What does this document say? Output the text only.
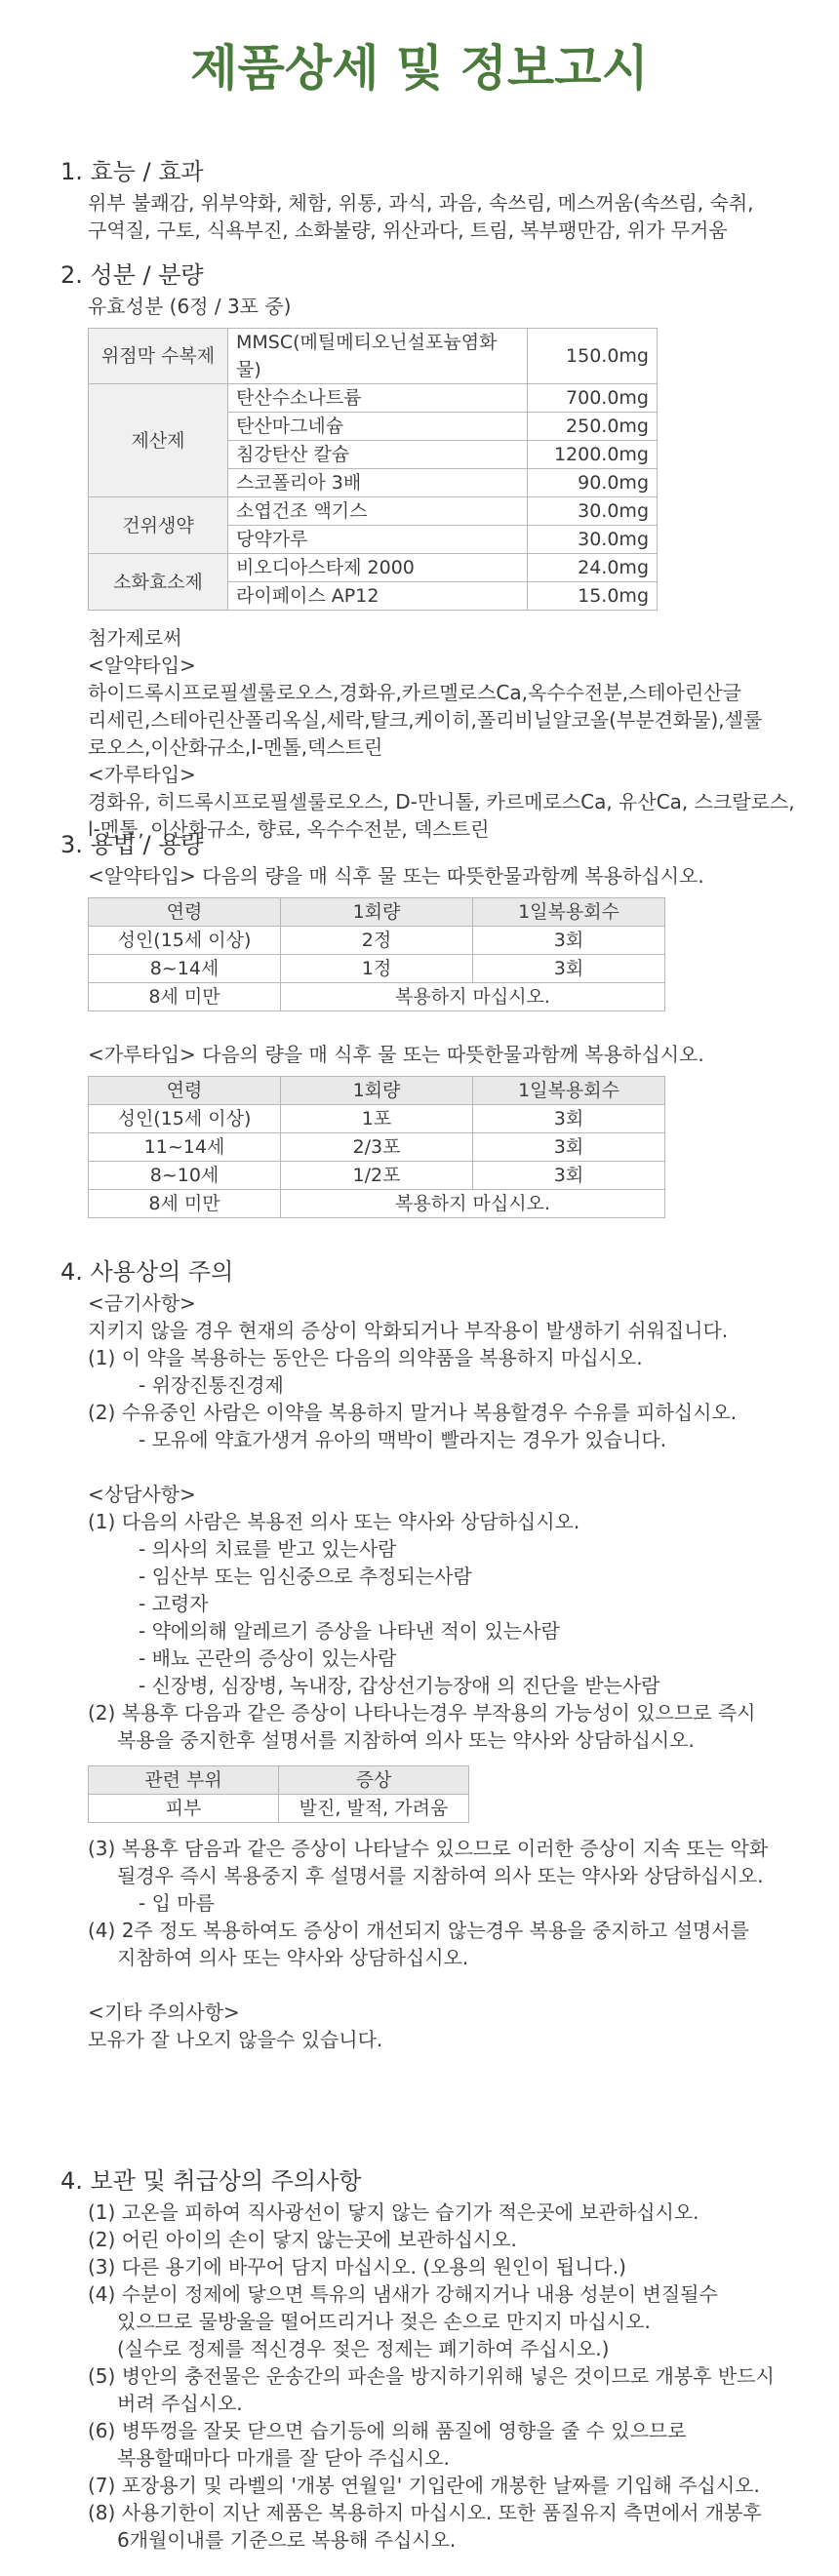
제품상세 및 정보고시

1. 효능 / 효과

위부 불쾌감, 위부약화, 체함, 위통, 과식, 과음, 속쓰림, 메스꺼움(속쓰림, 숙취,

구역질, 구토, 식욕부진, 소화불량, 위산과다, 트림, 복부팽만감, 위가 무거움

2. 성분 / 분량

유효성분 (6정 / 3포 중)

위점막 수복제	MMSC(메틸메티오닌설포늄염화물)	150.0mg
제산제	탄산수소나트륨	700.0mg
	탄산마그네슘	250.0mg
	침강탄산 칼슘	1200.0mg
	스코폴리아 3배	90.0mg
건위생약	소엽건조 액기스	30.0mg
	당약가루	30.0mg
소화효소제	비오디아스타제 2000	24.0mg
	라이페이스 AP12	15.0mg

첨가제로써

<알약타입>

하이드록시프로필셀룰로오스,경화유,카르멜로스Ca,옥수수전분,스테아린산글

리세린,스테아린산폴리옥실,세락,탈크,케이히,폴리비닐알코올(부분견화물),셀룰

로오스,이산화규소,l-멘톨,덱스트린

<가루타입>

경화유, 히드록시프로필셀룰로오스, D-만니톨, 카르메로스Ca, 유산Ca, 스크랄로스,

l-멘톨, 이산화규소, 향료, 옥수수전분, 덱스트린

3. 용법 / 용량

<알약타입> 다음의 량을 매 식후 물 또는 따뜻한물과함께 복용하십시오.

연령	1회량	1일복용회수
성인(15세 이상)	2정	3회
8~14세	1정	3회
8세 미만	복용하지 마십시오.	

<가루타입> 다음의 량을 매 식후 물 또는 따뜻한물과함께 복용하십시오.

연령	1회량	1일복용회수
성인(15세 이상)	1포	3회
11~14세	2/3포	3회
8~10세	1/2포	3회
8세 미만	복용하지 마십시오.	

4. 사용상의 주의

<금기사항>

지키지 않을 경우 현재의 증상이 악화되거나 부작용이 발생하기 쉬워집니다.

(1) 이 약을 복용하는 동안은 다음의 의약품을 복용하지 마십시오.

- 위장진통진경제

(2) 수유중인 사람은 이약을 복용하지 말거나 복용할경우 수유를 피하십시오.

- 모유에 약효가생겨 유아의 맥박이 빨라지는 경우가 있습니다.

<상담사항>

(1) 다음의 사람은 복용전 의사 또는 약사와 상담하십시오.

- 의사의 치료를 받고 있는사람

- 임산부 또는 임신중으로 추정되는사람

- 고령자

- 약에의해 알레르기 증상을 나타낸 적이 있는사람

- 배뇨 곤란의 증상이 있는사람

- 신장병, 심장병, 녹내장, 갑상선기능장애 의 진단을 받는사람

(2) 복용후 다음과 같은 증상이 나타나는경우 부작용의 가능성이 있으므로 즉시

복용을 중지한후 설명서를 지참하여 의사 또는 약사와 상담하십시오.

관련 부위	증상
피부	발진, 발적, 가려움

(3) 복용후 담음과 같은 증상이 나타날수 있으므로 이러한 증상이 지속 또는 악화

될경우 즉시 복용중지 후 설명서를 지참하여 의사 또는 약사와 상담하십시오.

- 입 마름

(4) 2주 정도 복용하여도 증상이 개선되지 않는경우 복용을 중지하고 설명서를

지참하여 의사 또는 약사와 상담하십시오.

<기타 주의사항>

모유가 잘 나오지 않을수 있습니다.

4. 보관 및 취급상의 주의사항

(1) 고온을 피하여 직사광선이 닿지 않는 습기가 적은곳에 보관하십시오.

(2) 어린 아이의 손이 닿지 않는곳에 보관하십시오.

(3) 다른 용기에 바꾸어 담지 마십시오. (오용의 원인이 됩니다.)

(4) 수분이 정제에 닿으면 특유의 냄새가 강해지거나 내용 성분이 변질될수

있으므로 물방울을 떨어뜨리거나 젖은 손으로 만지지 마십시오.

(실수로 정제를 적신경우 젖은 정제는 폐기하여 주십시오.)

(5) 병안의 충전물은 운송간의 파손을 방지하기위해 넣은 것이므로 개봉후 반드시

버려 주십시오.

(6) 병뚜껑을 잘못 닫으면 습기등에 의해 품질에 영향을 줄 수 있으므로

복용할때마다 마개를 잘 닫아 주십시오.

(7) 포장용기 및 라벨의 '개봉 연월일' 기입란에 개봉한 날짜를 기입해 주십시오.

(8) 사용기한이 지난 제품은 복용하지 마십시오. 또한 품질유지 측면에서 개봉후

6개월이내를 기준으로 복용해 주십시오.
